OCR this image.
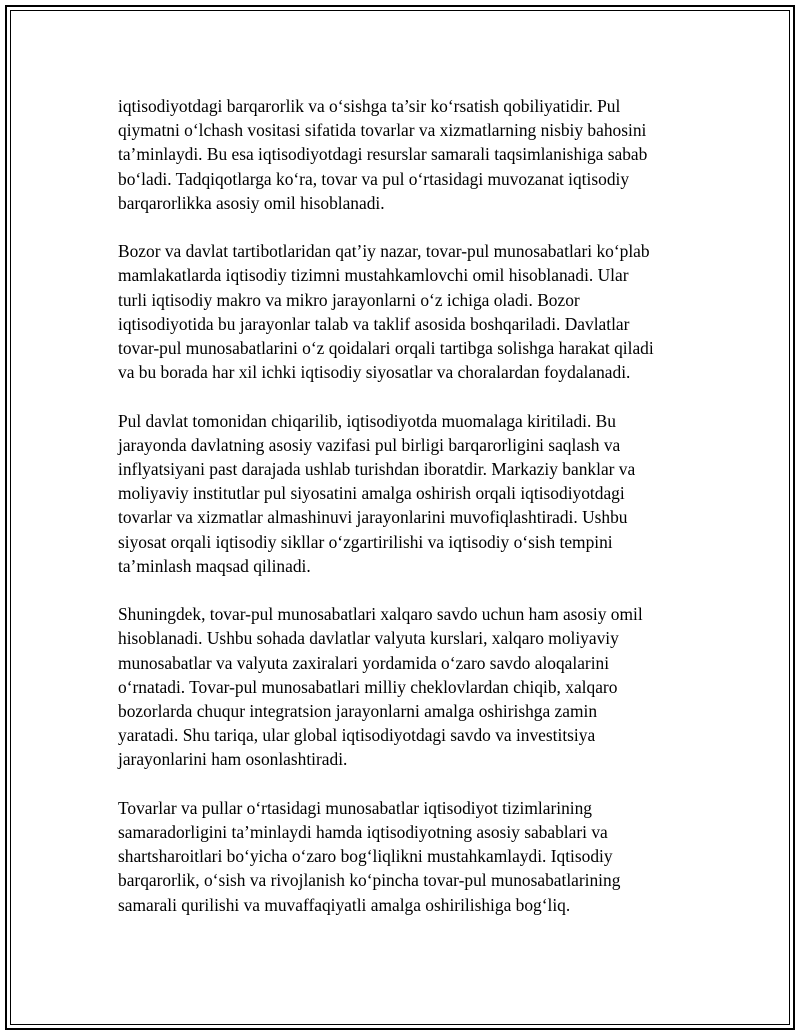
iqtisodiyotdagi barqarorlik va o‘sishga ta’sir ko‘rsatish qobiliyatidir. Pul
qiymatni o‘lchash vositasi sifatida tovarlar va xizmatlarning nisbiy bahosini
ta’minlaydi. Bu esa iqtisodiyotdagi resurslar samarali taqsimlanishiga sabab
bo‘ladi. Tadqiqotlarga ko‘ra, tovar va pul o‘rtasidagi muvozanat iqtisodiy
barqarorlikka asosiy omil hisoblanadi.

Bozor va davlat tartibotlaridan qat’iy nazar, tovar-pul munosabatlari ko‘plab
mamlakatlarda iqtisodiy tizimni mustahkamlovchi omil hisoblanadi. Ular
turli iqtisodiy makro va mikro jarayonlarni o‘z ichiga oladi. Bozor
iqtisodiyotida bu jarayonlar talab va taklif asosida boshqariladi. Davlatlar
tovar-pul munosabatlarini o‘z qoidalari orqali tartibga solishga harakat qiladi
va bu borada har xil ichki iqtisodiy siyosatlar va choralardan foydalanadi.

Pul davlat tomonidan chiqarilib, iqtisodiyotda muomalaga kiritiladi. Bu
jarayonda davlatning asosiy vazifasi pul birligi barqarorligini saqlash va
inflyatsiyani past darajada ushlab turishdan iboratdir. Markaziy banklar va
moliyaviy institutlar pul siyosatini amalga oshirish orqali iqtisodiyotdagi
tovarlar va xizmatlar almashinuvi jarayonlarini muvofiqlashtiradi. Ushbu
siyosat orqali iqtisodiy sikllar o‘zgartirilishi va iqtisodiy o‘sish tempini
ta’minlash maqsad qilinadi.

Shuningdek, tovar-pul munosabatlari xalqaro savdo uchun ham asosiy omil
hisoblanadi. Ushbu sohada davlatlar valyuta kurslari, xalqaro moliyaviy
munosabatlar va valyuta zaxiralari yordamida o‘zaro savdo aloqalarini
o‘rnatadi. Tovar-pul munosabatlari milliy cheklovlardan chiqib, xalqaro
bozorlarda chuqur integratsion jarayonlarni amalga oshirishga zamin
yaratadi. Shu tariqa, ular global iqtisodiyotdagi savdo va investitsiya
jarayonlarini ham osonlashtiradi.

Tovarlar va pullar o‘rtasidagi munosabatlar iqtisodiyot tizimlarining
samaradorligini ta’minlaydi hamda iqtisodiyotning asosiy sabablari va
shartsharoitlari bo‘yicha o‘zaro bog‘liqlikni mustahkamlaydi. Iqtisodiy
barqarorlik, o‘sish va rivojlanish ko‘pincha tovar-pul munosabatlarining
samarali qurilishi va muvaffaqiyatli amalga oshirilishiga bog‘liq.
